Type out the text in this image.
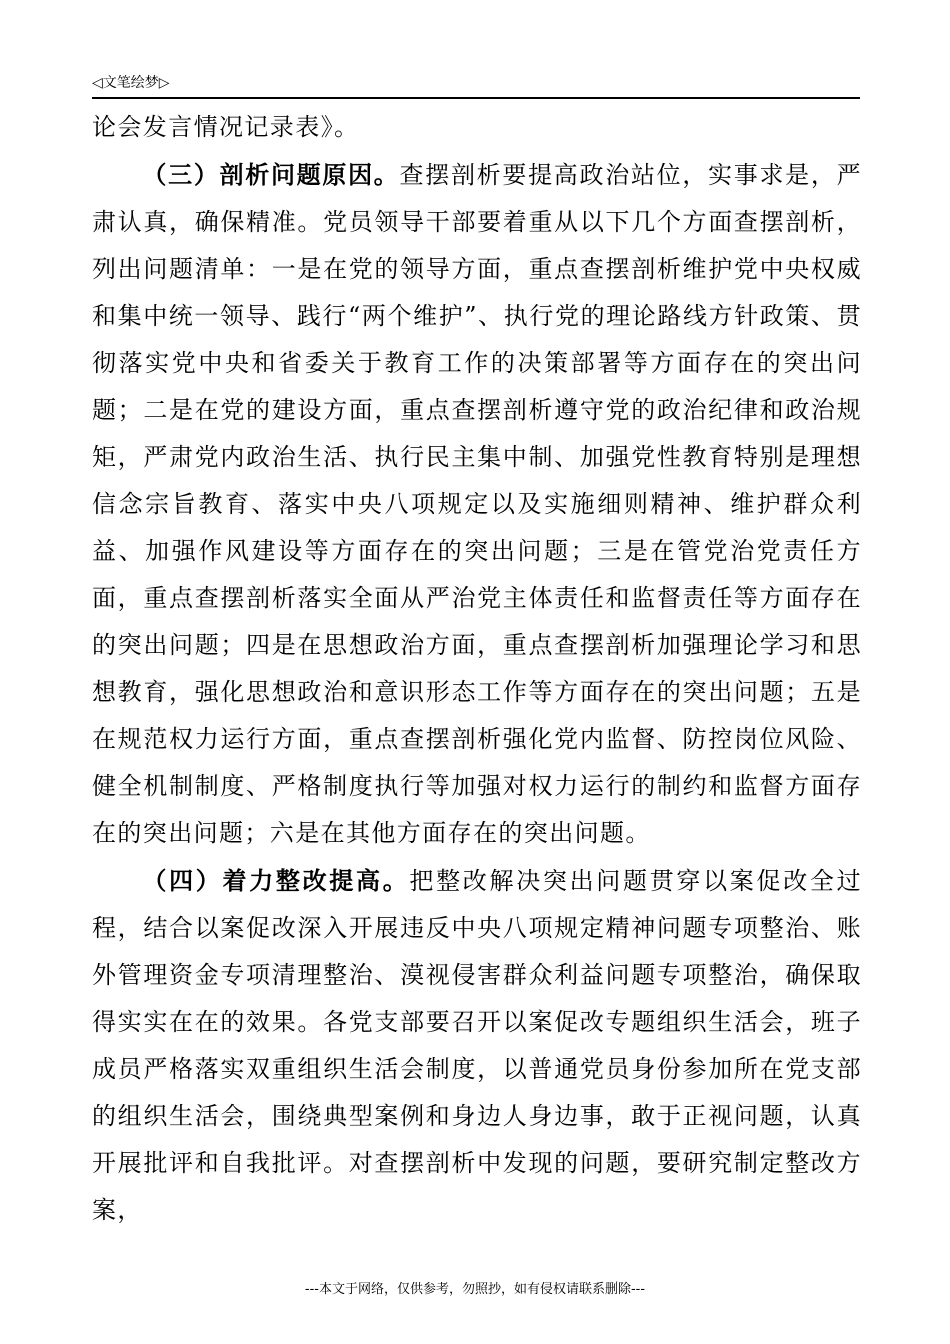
◁文笔绘梦▷

论会发言情况记录表》。

（三）剖析问题原因。查摆剖析要提高政治站位，实事求是，严肃认真，确保精准。党员领导干部要着重从以下几个方面查摆剖析，列出问题清单：一是在党的领导方面，重点查摆剖析维护党中央权威和集中统一领导、践行“两个维护”、执行党的理论路线方针政策、贯彻落实党中央和省委关于教育工作的决策部署等方面存在的突出问题；二是在党的建设方面，重点查摆剖析遵守党的政治纪律和政治规矩，严肃党内政治生活、执行民主集中制、加强党性教育特别是理想信念宗旨教育、落实中央八项规定以及实施细则精神、维护群众利益、加强作风建设等方面存在的突出问题；三是在管党治党责任方面，重点查摆剖析落实全面从严治党主体责任和监督责任等方面存在的突出问题；四是在思想政治方面，重点查摆剖析加强理论学习和思想教育，强化思想政治和意识形态工作等方面存在的突出问题；五是在规范权力运行方面，重点查摆剖析强化党内监督、防控岗位风险、健全机制制度、严格制度执行等加强对权力运行的制约和监督方面存在的突出问题；六是在其他方面存在的突出问题。

（四）着力整改提高。把整改解决突出问题贯穿以案促改全过程，结合以案促改深入开展违反中央八项规定精神问题专项整治、账外管理资金专项清理整治、漠视侵害群众利益问题专项整治，确保取得实实在在的效果。各党支部要召开以案促改专题组织生活会，班子成员严格落实双重组织生活会制度，以普通党员身份参加所在党支部的组织生活会，围绕典型案例和身边人身边事，敢于正视问题，认真开展批评和自我批评。对查摆剖析中发现的问题，要研究制定整改方案，

---本文于网络，仅供参考，勿照抄，如有侵权请联系删除---
